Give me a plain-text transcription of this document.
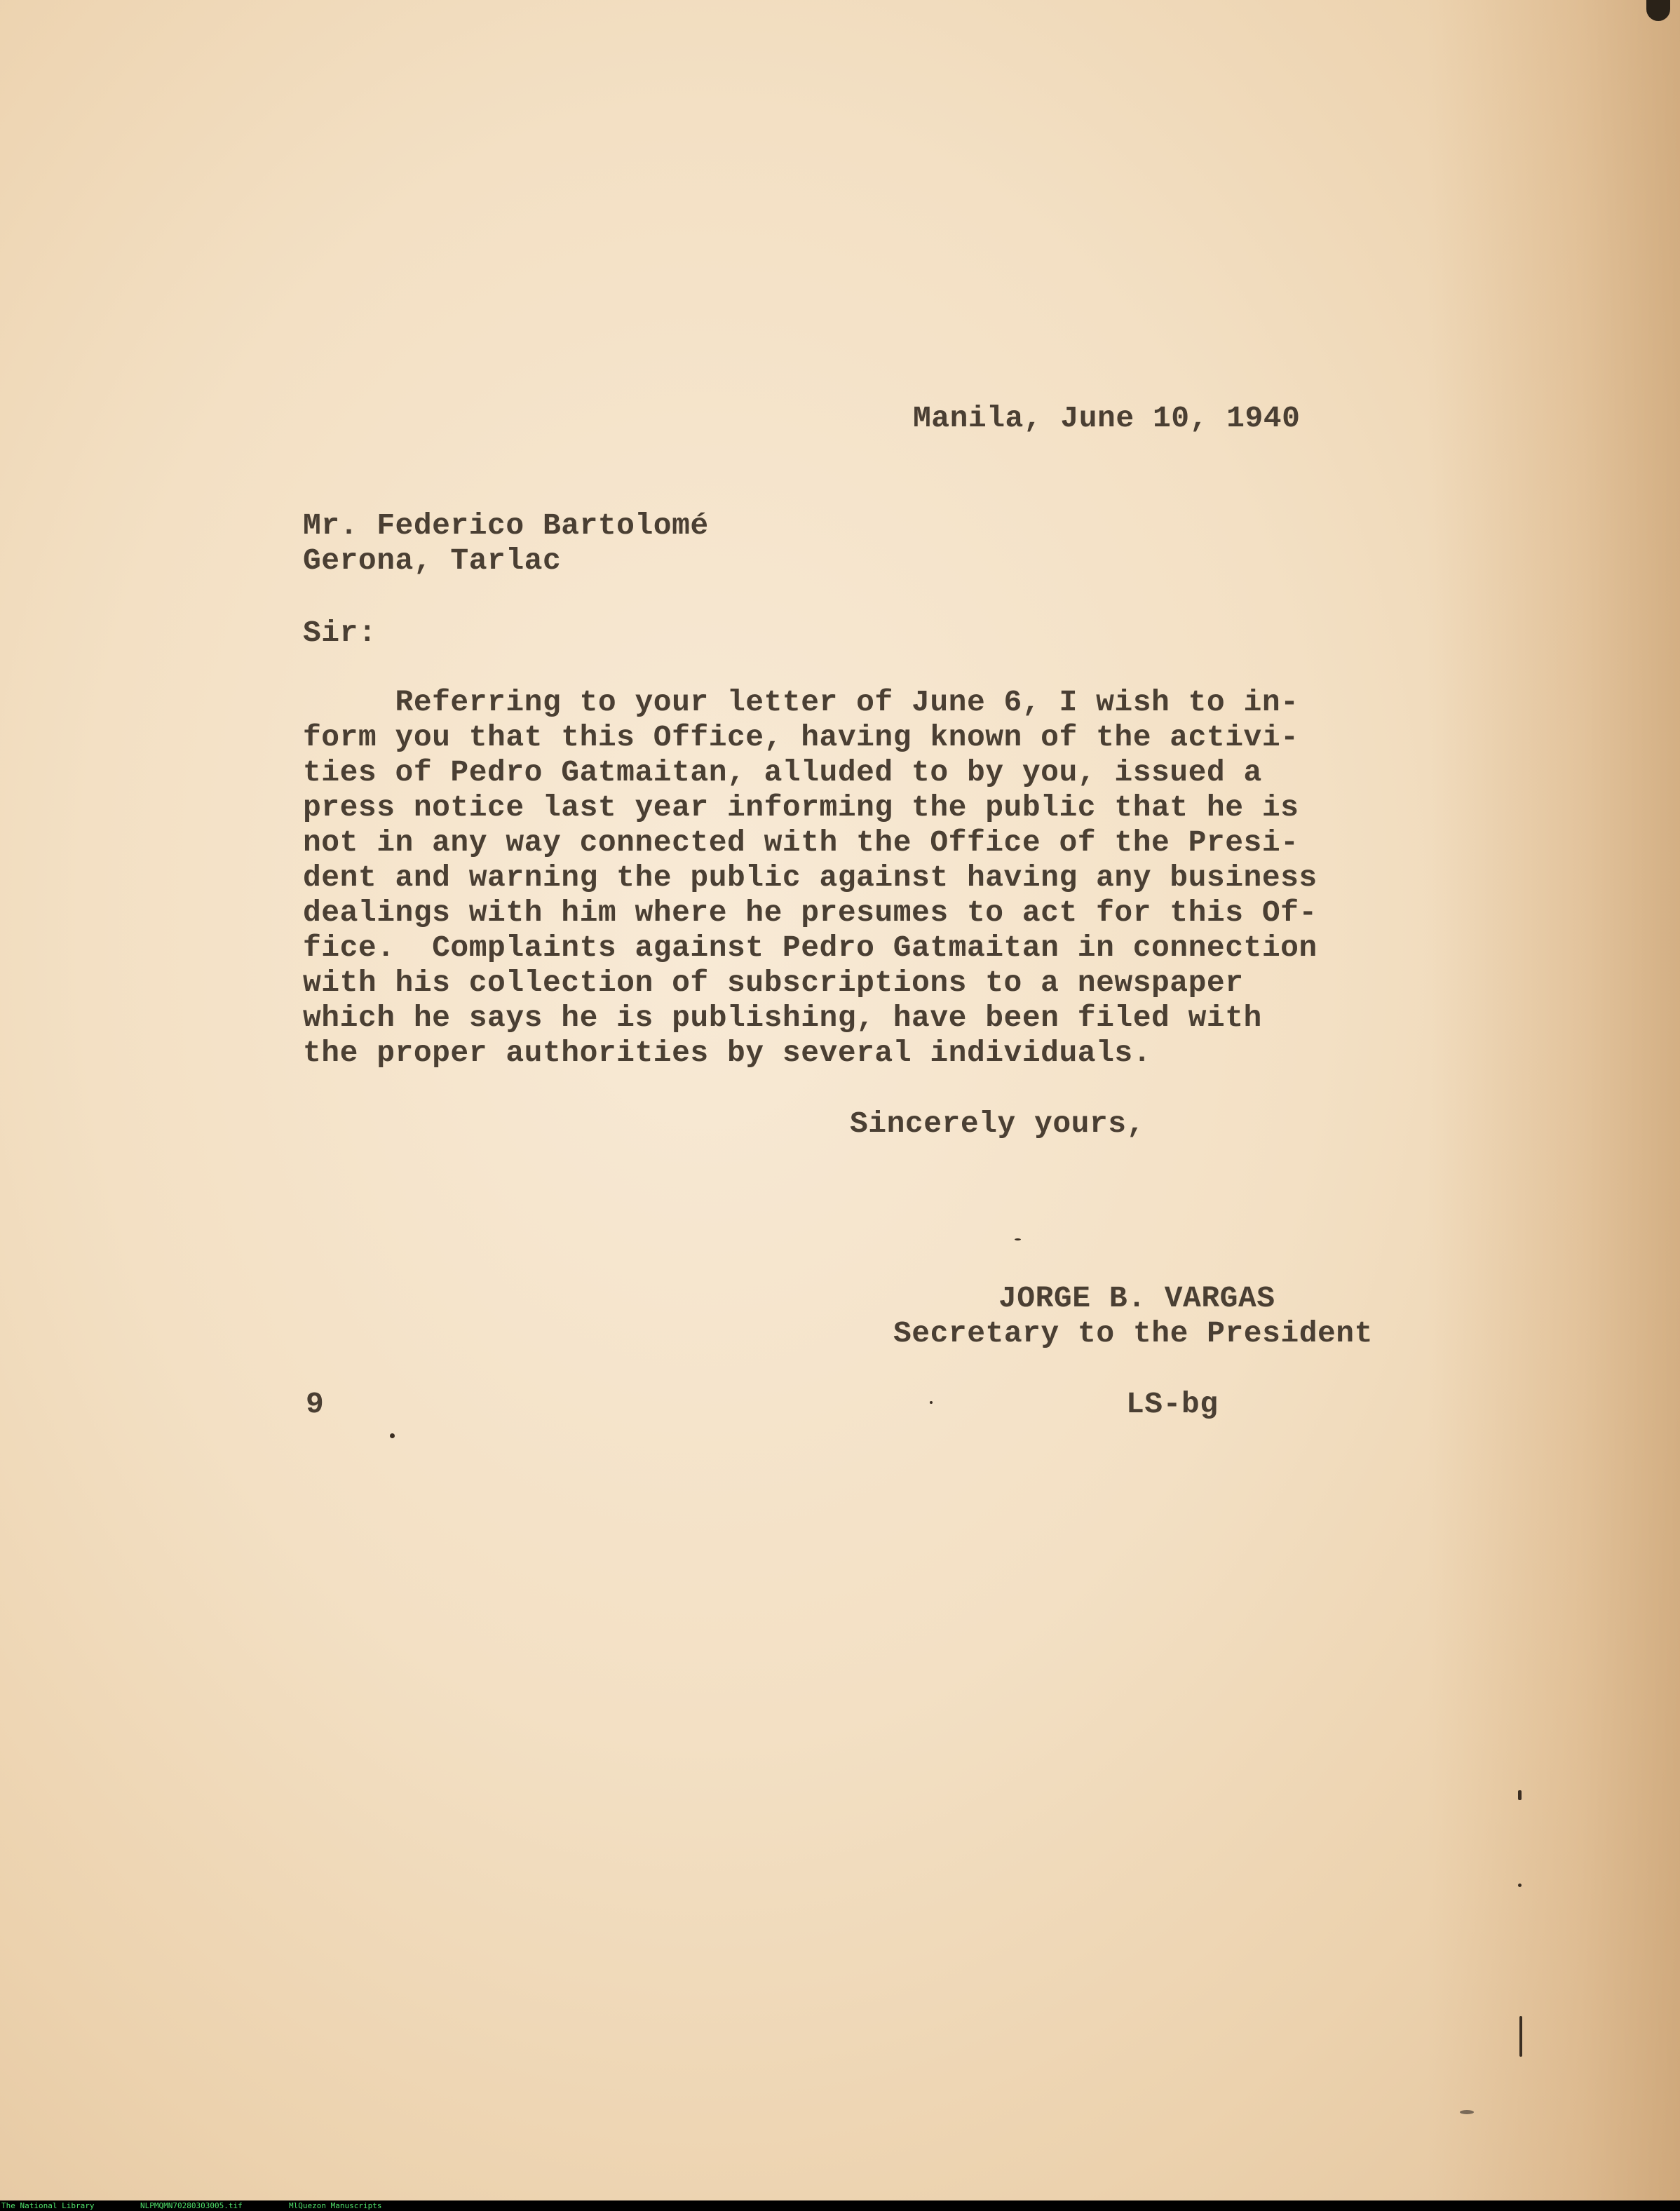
Manila, June 10, 1940
Mr. Federico Bartolomé
Gerona, Tarlac
Sir:
Referring to your letter of June 6, I wish to in-
form you that this Office, having known of the activi-
ties of Pedro Gatmaitan, alluded to by you, issued a
press notice last year informing the public that he is
not in any way connected with the Office of the Presi-
dent and warning the public against having any business
dealings with him where he presumes to act for this Of-
fice.  Complaints against Pedro Gatmaitan in connection
with his collection of subscriptions to a newspaper
which he says he is publishing, have been filed with
the proper authorities by several individuals.
Sincerely yours,
JORGE B. VARGAS
Secretary to the President
9	LS-bg
The National Library	NLPMQMN70280303005.tif	MlQuezon Manuscripts
